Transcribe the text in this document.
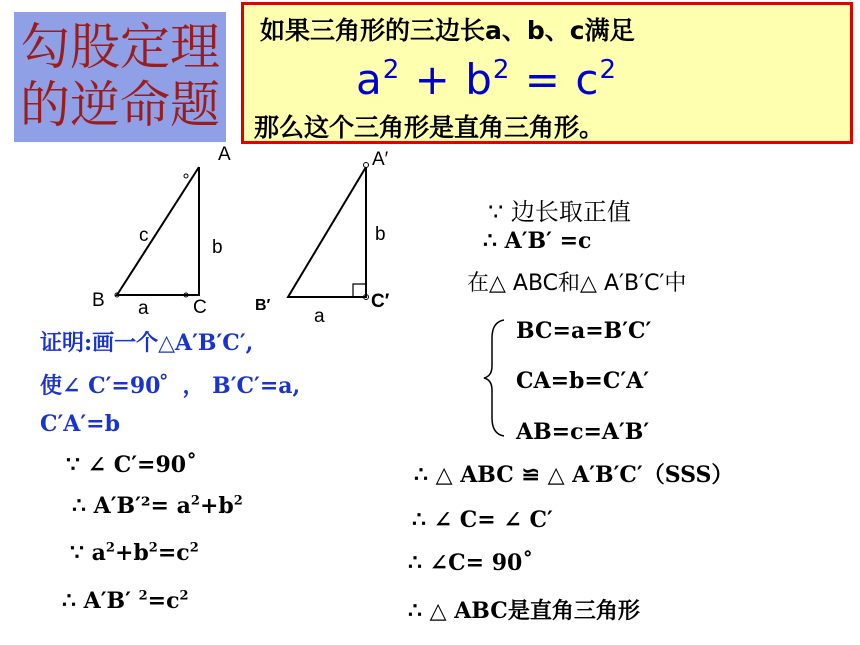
勾股定理
的逆命题
如果三角形的三边长a、b、c满足
$a^2 + b^2 = c^2$
那么这个三角形是直角三角形。
A
c
b
B a C
A′
b
B′	C′
a
证明:画一个△A′B′C′,
使∠ C′=90゜， B′C′=a,
C′A′=b
∵ ∠ C′=90˚
∴ $A'B'^2= a^2+b^2$
∵ $a^2+b^2=c^2$
∴ A′B′ $^2=c^2$
∵ 边长取正值
∴ A′B′ =c
在△ ABC和△ A′B′C′中
BC=a=B′C′
CA=b=C′A′
AB=c=A′B′
∴ △ ABC ≌ △ A′B′C′（SSS）
∴ ∠ C= ∠ C′
∴ ∠C= 90˚
∴ △ ABC是直角三角形
